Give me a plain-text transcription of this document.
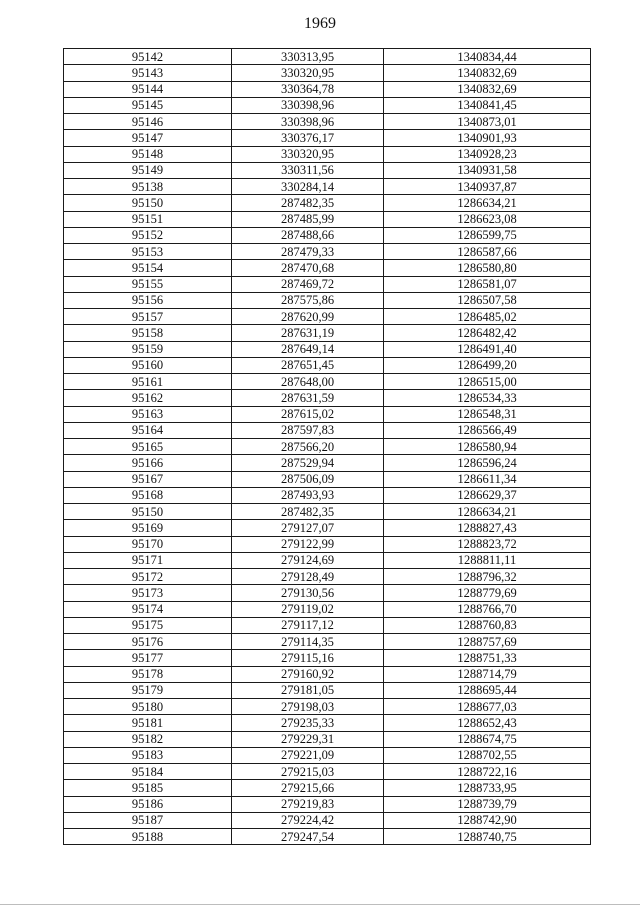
1969
95142	330313,95	1340834,44
95143	330320,95	1340832,69
95144	330364,78	1340832,69
95145	330398,96	1340841,45
95146	330398,96	1340873,01
95147	330376,17	1340901,93
95148	330320,95	1340928,23
95149	330311,56	1340931,58
95138	330284,14	1340937,87
95150	287482,35	1286634,21
95151	287485,99	1286623,08
95152	287488,66	1286599,75
95153	287479,33	1286587,66
95154	287470,68	1286580,80
95155	287469,72	1286581,07
95156	287575,86	1286507,58
95157	287620,99	1286485,02
95158	287631,19	1286482,42
95159	287649,14	1286491,40
95160	287651,45	1286499,20
95161	287648,00	1286515,00
95162	287631,59	1286534,33
95163	287615,02	1286548,31
95164	287597,83	1286566,49
95165	287566,20	1286580,94
95166	287529,94	1286596,24
95167	287506,09	1286611,34
95168	287493,93	1286629,37
95150	287482,35	1286634,21
95169	279127,07	1288827,43
95170	279122,99	1288823,72
95171	279124,69	1288811,11
95172	279128,49	1288796,32
95173	279130,56	1288779,69
95174	279119,02	1288766,70
95175	279117,12	1288760,83
95176	279114,35	1288757,69
95177	279115,16	1288751,33
95178	279160,92	1288714,79
95179	279181,05	1288695,44
95180	279198,03	1288677,03
95181	279235,33	1288652,43
95182	279229,31	1288674,75
95183	279221,09	1288702,55
95184	279215,03	1288722,16
95185	279215,66	1288733,95
95186	279219,83	1288739,79
95187	279224,42	1288742,90
95188	279247,54	1288740,75
